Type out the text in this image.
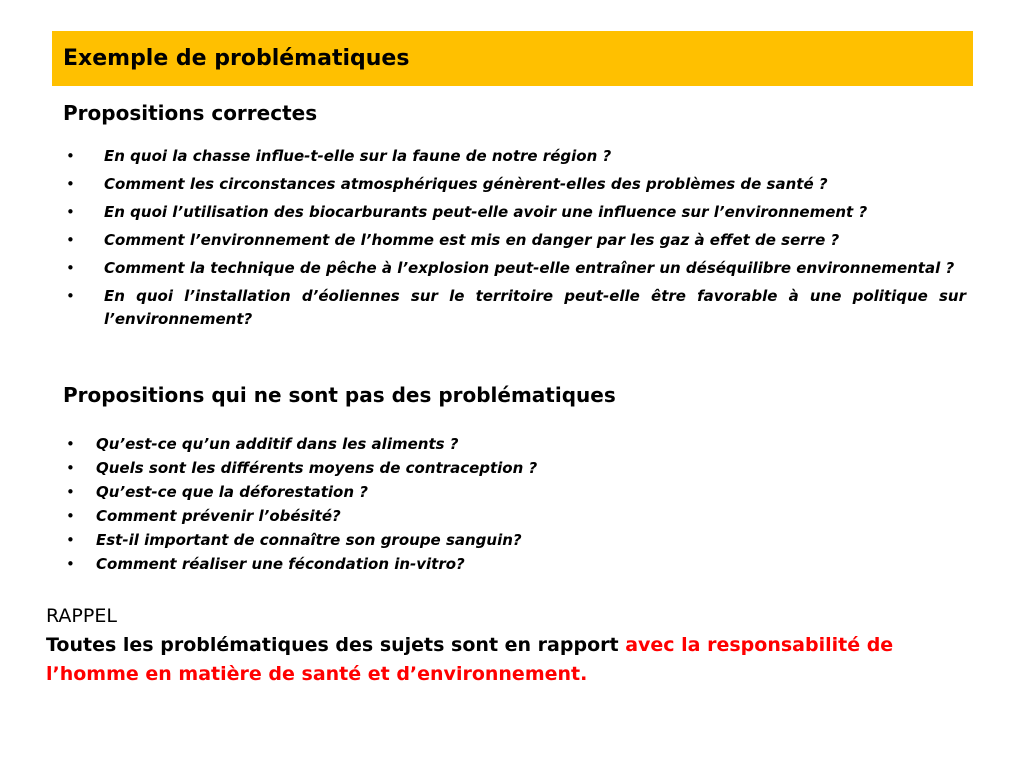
Exemple de problématiques
Propositions correctes
• En quoi la chasse influe-t-elle sur la faune de notre région ?
• Comment les circonstances atmosphériques génèrent-elles des problèmes de santé ?
• En quoi l’utilisation des biocarburants peut-elle avoir une influence sur l’environnement ?
• Comment l’environnement de l’homme est mis en danger par les gaz à effet de serre ?
• Comment la technique de pêche à l’explosion peut-elle entraîner un déséquilibre environnemental ?
• En quoi l’installation d’éoliennes sur le territoire peut-elle être favorable à une politique sur l’environnement?
Propositions qui ne sont pas des problématiques
• Qu’est-ce qu’un additif dans les aliments ?
• Quels sont les différents moyens de contraception ?
• Qu’est-ce que la déforestation ?
• Comment prévenir l’obésité?
• Est-il important de connaître son groupe sanguin?
• Comment réaliser une fécondation in-vitro?
RAPPEL
Toutes les problématiques des sujets sont en rapport avec la responsabilité de l’homme en matière de santé et d’environnement.
